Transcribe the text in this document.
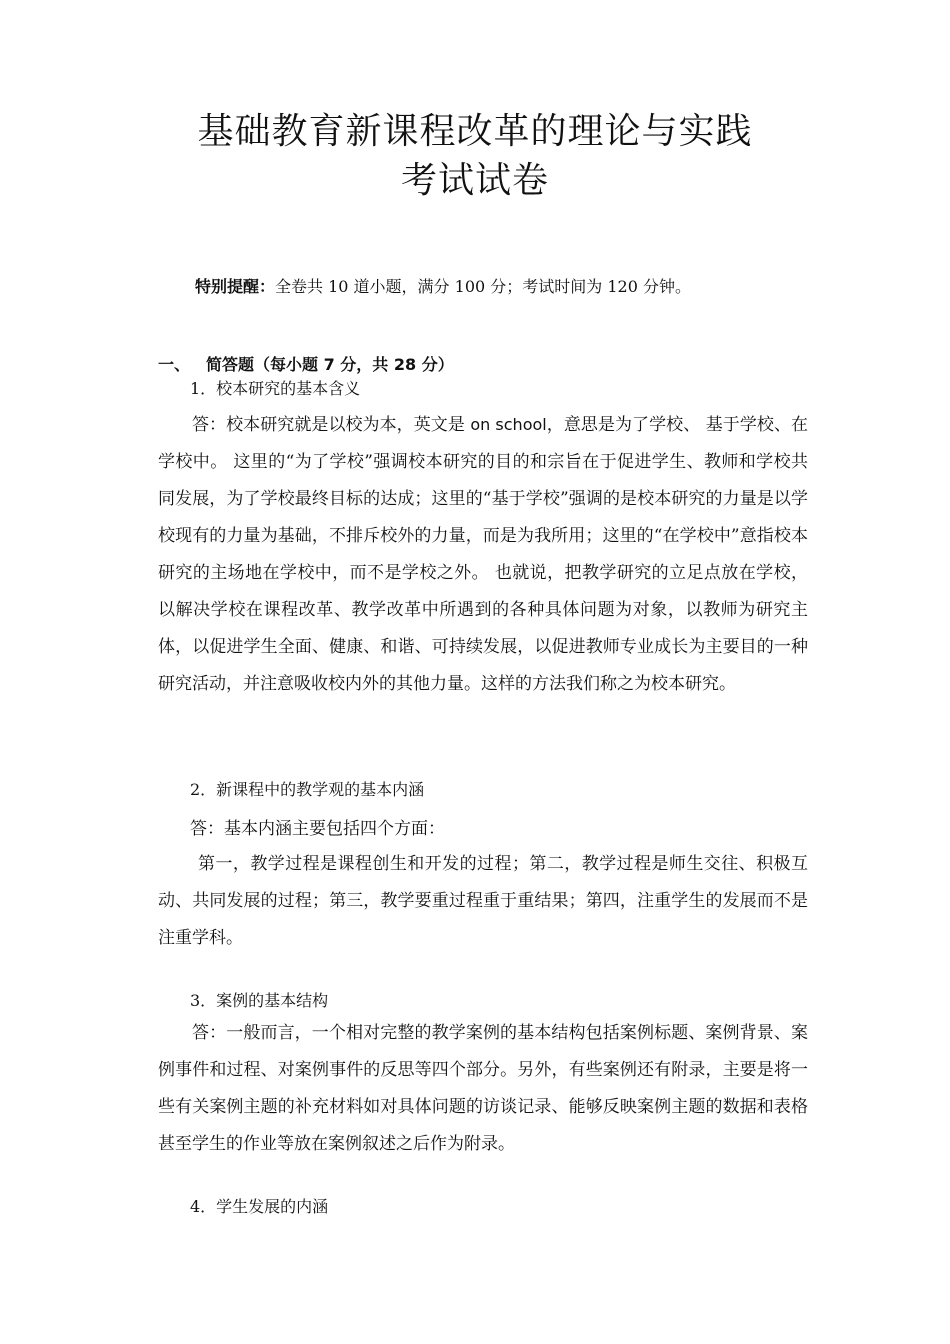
基础教育新课程改革的理论与实践
考试试卷
特别提醒：全卷共 10 道小题，满分 100 分；考试时间为 120 分钟。
一、 简答题（每小题 7 分，共 28 分）
1．校本研究的基本含义

答：校本研究就是以校为本，英文是 on school，意思是为了学校、 基于学校、在学校中。 这里的“为了学校”强调校本研究的目的和宗旨在于促进学生、教师和学校共同发展，为了学校最终目标的达成；这里的“基于学校”强调的是校本研究的力量是以学校现有的力量为基础，不排斥校外的力量，而是为我所用；这里的“在学校中”意指校本研究的主场地在学校中，而不是学校之外。 也就说，把教学研究的立足点放在学校，以解决学校在课程改革、教学改革中所遇到的各种具体问题为对象，以教师为研究主体，以促进学生全面、健康、和谐、可持续发展，以促进教师专业成长为主要目的一种研究活动，并注意吸收校内外的其他力量。这样的方法我们称之为校本研究。

2．新课程中的教学观的基本内涵
答：基本内涵主要包括四个方面：

第一，教学过程是课程创生和开发的过程；第二，教学过程是师生交往、积极互动、共同发展的过程；第三，教学要重过程重于重结果；第四，注重学生的发展而不是注重学科。

3．案例的基本结构

答：一般而言，一个相对完整的教学案例的基本结构包括案例标题、案例背景、案例事件和过程、对案例事件的反思等四个部分。另外，有些案例还有附录，主要是将一些有关案例主题的补充材料如对具体问题的访谈记录、能够反映案例主题的数据和表格甚至学生的作业等放在案例叙述之后作为附录。

4．学生发展的内涵
